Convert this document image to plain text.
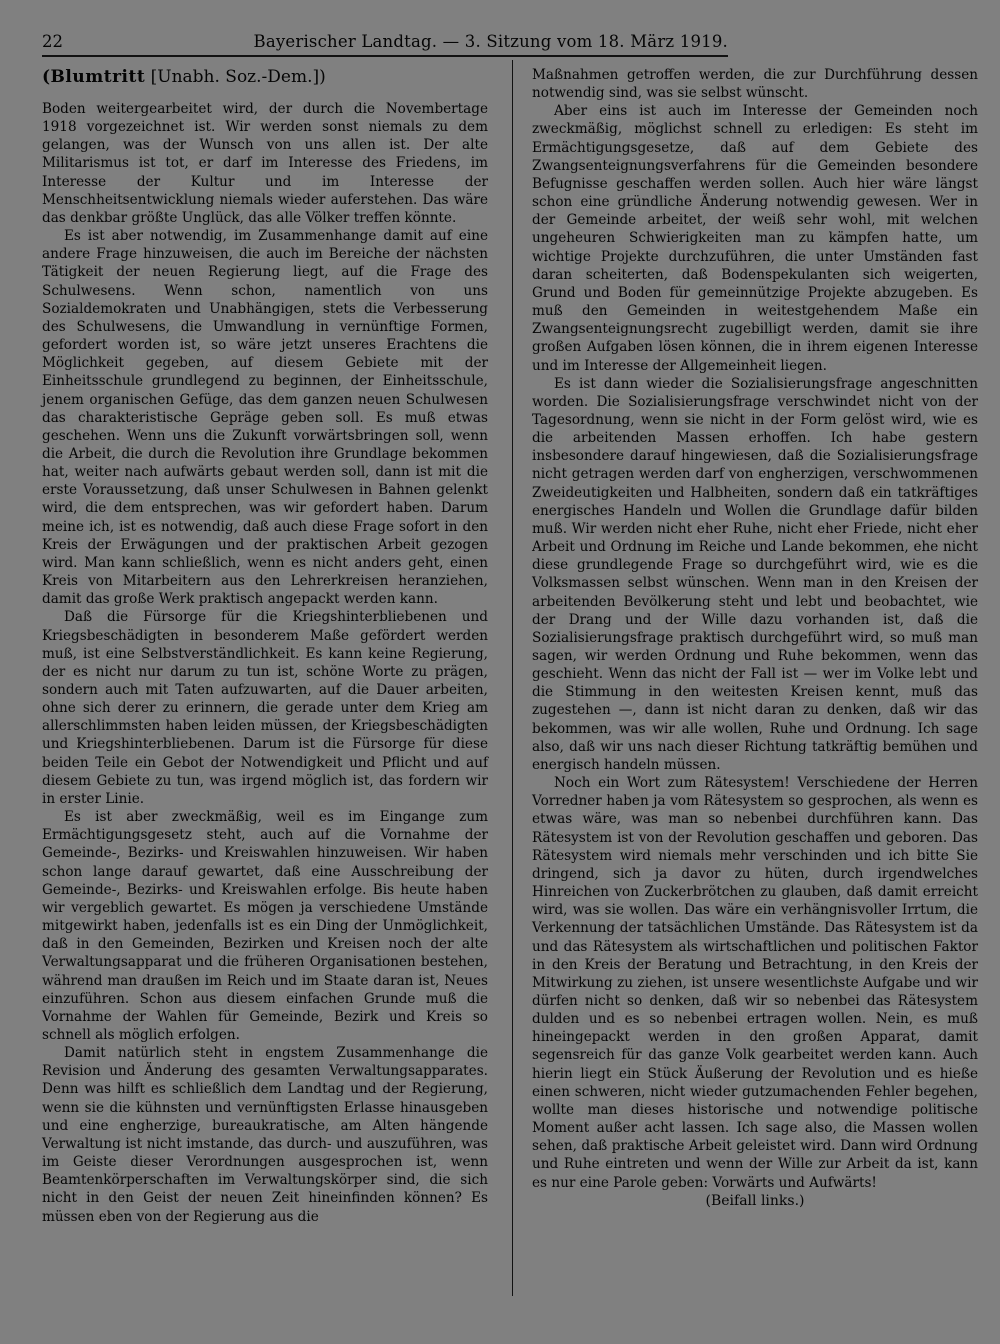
22	Bayerischer Landtag. — 3. Sitzung vom 18. März 1919.
(Blumtritt [Unabh. Soz.-Dem.])

Boden weitergearbeitet wird, der durch die Novembertage 1918 vorgezeichnet ist. Wir werden sonst niemals zu dem gelangen, was der Wunsch von uns allen ist. Der alte Militarismus ist tot, er darf im Interesse des Friedens, im Interesse der Kultur und im Interesse der Menschheitsentwicklung niemals wieder auferstehen. Das wäre das denkbar größte Unglück, das alle Völker treffen könnte.

Es ist aber notwendig, im Zusammenhange damit auf eine andere Frage hinzuweisen, die auch im Bereiche der nächsten Tätigkeit der neuen Regierung liegt, auf die Frage des Schulwesens. Wenn schon, namentlich von uns Sozialdemokraten und Unabhängigen, stets die Verbesserung des Schulwesens, die Umwandlung in vernünftige Formen, gefordert worden ist, so wäre jetzt unseres Erachtens die Möglichkeit gegeben, auf diesem Gebiete mit der Einheitsschule grundlegend zu beginnen, der Einheitsschule, jenem organischen Gefüge, das dem ganzen neuen Schulwesen das charakteristische Gepräge geben soll. Es muß etwas geschehen. Wenn uns die Zukunft vorwärtsbringen soll, wenn die Arbeit, die durch die Revolution ihre Grundlage bekommen hat, weiter nach aufwärts gebaut werden soll, dann ist mit die erste Voraussetzung, daß unser Schulwesen in Bahnen gelenkt wird, die dem entsprechen, was wir gefordert haben. Darum meine ich, ist es notwendig, daß auch diese Frage sofort in den Kreis der Erwägungen und der praktischen Arbeit gezogen wird. Man kann schließlich, wenn es nicht anders geht, einen Kreis von Mitarbeitern aus den Lehrerkreisen heranziehen, damit das große Werk praktisch angepackt werden kann.

Daß die Fürsorge für die Kriegshinterbliebenen und Kriegsbeschädigten in besonderem Maße gefördert werden muß, ist eine Selbstverständlichkeit. Es kann keine Regierung, der es nicht nur darum zu tun ist, schöne Worte zu prägen, sondern auch mit Taten aufzuwarten, auf die Dauer arbeiten, ohne sich derer zu erinnern, die gerade unter dem Krieg am allerschlimmsten haben leiden müssen, der Kriegsbeschädigten und Kriegshinterbliebenen. Darum ist die Fürsorge für diese beiden Teile ein Gebot der Notwendigkeit und Pflicht und auf diesem Gebiete zu tun, was irgend möglich ist, das fordern wir in erster Linie.

Es ist aber zweckmäßig, weil es im Eingange zum Ermächtigungsgesetz steht, auch auf die Vornahme der Gemeinde-, Bezirks- und Kreiswahlen hinzuweisen. Wir haben schon lange darauf gewartet, daß eine Ausschreibung der Gemeinde-, Bezirks- und Kreiswahlen erfolge. Bis heute haben wir vergeblich gewartet. Es mögen ja verschiedene Umstände mitgewirkt haben, jedenfalls ist es ein Ding der Unmöglichkeit, daß in den Gemeinden, Bezirken und Kreisen noch der alte Verwaltungsapparat und die früheren Organisationen bestehen, während man draußen im Reich und im Staate daran ist, Neues einzuführen. Schon aus diesem einfachen Grunde muß die Vornahme der Wahlen für Gemeinde, Bezirk und Kreis so schnell als möglich erfolgen.

Damit natürlich steht in engstem Zusammenhange die Revision und Änderung des gesamten Verwaltungsapparates. Denn was hilft es schließlich dem Landtag und der Regierung, wenn sie die kühnsten und vernünftigsten Erlasse hinausgeben und eine engherzige, bureaukratische, am Alten hängende Verwaltung ist nicht imstande, das durch- und auszuführen, was im Geiste dieser Verordnungen ausgesprochen ist, wenn Beamtenkörperschaften im Verwaltungskörper sind, die sich nicht in den Geist der neuen Zeit hineinfinden können? Es müssen eben von der Regierung aus die

Maßnahmen getroffen werden, die zur Durchführung dessen notwendig sind, was sie selbst wünscht.

Aber eins ist auch im Interesse der Gemeinden noch zweckmäßig, möglichst schnell zu erledigen: Es steht im Ermächtigungsgesetze, daß auf dem Gebiete des Zwangsenteignungsverfahrens für die Gemeinden besondere Befugnisse geschaffen werden sollen. Auch hier wäre längst schon eine gründliche Änderung notwendig gewesen. Wer in der Gemeinde arbeitet, der weiß sehr wohl, mit welchen ungeheuren Schwierigkeiten man zu kämpfen hatte, um wichtige Projekte durchzuführen, die unter Umständen fast daran scheiterten, daß Bodenspekulanten sich weigerten, Grund und Boden für gemeinnützige Projekte abzugeben. Es muß den Gemeinden in weitestgehendem Maße ein Zwangsenteignungsrecht zugebilligt werden, damit sie ihre großen Aufgaben lösen können, die in ihrem eigenen Interesse und im Interesse der Allgemeinheit liegen.

Es ist dann wieder die Sozialisierungsfrage angeschnitten worden. Die Sozialisierungsfrage verschwindet nicht von der Tagesordnung, wenn sie nicht in der Form gelöst wird, wie es die arbeitenden Massen erhoffen. Ich habe gestern insbesondere darauf hingewiesen, daß die Sozialisierungsfrage nicht getragen werden darf von engherzigen, verschwommenen Zweideutigkeiten und Halbheiten, sondern daß ein tatkräftiges energisches Handeln und Wollen die Grundlage dafür bilden muß. Wir werden nicht eher Ruhe, nicht eher Friede, nicht eher Arbeit und Ordnung im Reiche und Lande bekommen, ehe nicht diese grundlegende Frage so durchgeführt wird, wie es die Volksmassen selbst wünschen. Wenn man in den Kreisen der arbeitenden Bevölkerung steht und lebt und beobachtet, wie der Drang und der Wille dazu vorhanden ist, daß die Sozialisierungsfrage praktisch durchgeführt wird, so muß man sagen, wir werden Ordnung und Ruhe bekommen, wenn das geschieht. Wenn das nicht der Fall ist — wer im Volke lebt und die Stimmung in den weitesten Kreisen kennt, muß das zugestehen —, dann ist nicht daran zu denken, daß wir das bekommen, was wir alle wollen, Ruhe und Ordnung. Ich sage also, daß wir uns nach dieser Richtung tatkräftig bemühen und energisch handeln müssen.

Noch ein Wort zum Rätesystem! Verschiedene der Herren Vorredner haben ja vom Rätesystem so gesprochen, als wenn es etwas wäre, was man so nebenbei durchführen kann. Das Rätesystem ist von der Revolution geschaffen und geboren. Das Rätesystem wird niemals mehr verschinden und ich bitte Sie dringend, sich ja davor zu hüten, durch irgendwelches Hinreichen von Zuckerbrötchen zu glauben, daß damit erreicht wird, was sie wollen. Das wäre ein verhängnisvoller Irrtum, die Verkennung der tatsächlichen Umstände. Das Rätesystem ist da und das Rätesystem als wirtschaftlichen und politischen Faktor in den Kreis der Beratung und Betrachtung, in den Kreis der Mitwirkung zu ziehen, ist unsere wesentlichste Aufgabe und wir dürfen nicht so denken, daß wir so nebenbei das Rätesystem dulden und es so nebenbei ertragen wollen. Nein, es muß hineingepackt werden in den großen Apparat, damit segensreich für das ganze Volk gearbeitet werden kann. Auch hierin liegt ein Stück Äußerung der Revolution und es hieße einen schweren, nicht wieder gutzumachenden Fehler begehen, wollte man dieses historische und notwendige politische Moment außer acht lassen. Ich sage also, die Massen wollen sehen, daß praktische Arbeit geleistet wird. Dann wird Ordnung und Ruhe eintreten und wenn der Wille zur Arbeit da ist, kann es nur eine Parole geben: Vorwärts und Aufwärts!

(Beifall links.)
